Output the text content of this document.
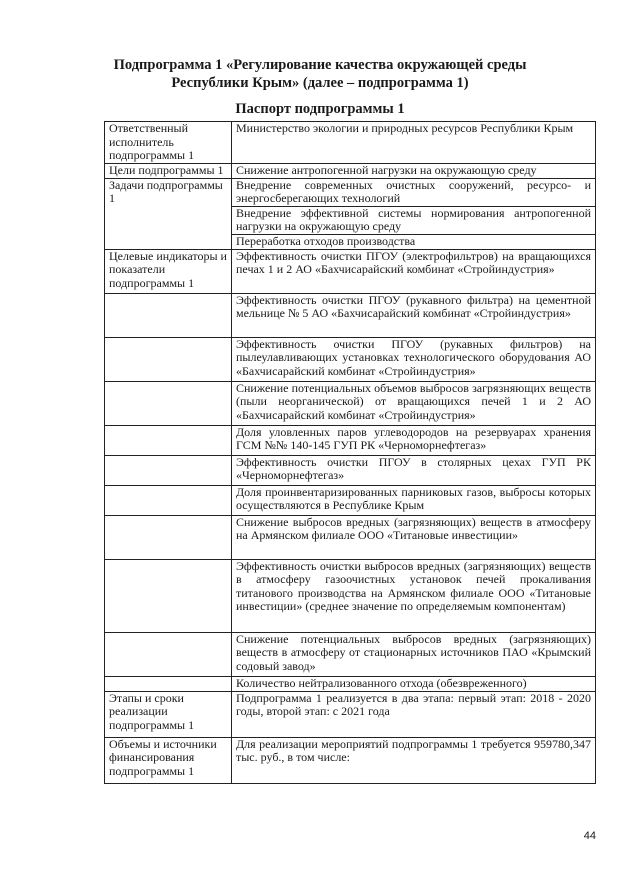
Подпрограмма 1 «Регулирование качества окружающей среды Республики Крым» (далее – подпрограмма 1)
Паспорт подпрограммы 1
Ответственный исполнитель подпрограммы 1	Министерство экологии и природных ресурсов Республики Крым
Цели подпрограммы 1	Снижение антропогенной нагрузки на окружающую среду
Задачи подпрограммы 1	Внедрение современных очистных сооружений, ресурсо- и энергосберегающих технологий
	Внедрение эффективной системы нормирования антропогенной нагрузки на окружающую среду
	Переработка отходов производства
Целевые индикаторы и показатели подпрограммы 1	Эффективность очистки ПГОУ (электрофильтров) на вращающихся печах 1 и 2 АО «Бахчисарайский комбинат «Стройиндустрия»
	Эффективность очистки ПГОУ (рукавного фильтра) на цементной мельнице № 5 АО «Бахчисарайский комбинат «Стройиндустрия»
	Эффективность очистки ПГОУ (рукавных фильтров) на пылеулавливающих установках технологического оборудования АО «Бахчисарайский комбинат «Стройиндустрия»
	Снижение потенциальных объемов выбросов загрязняющих веществ (пыли неорганической) от вращающихся печей 1 и 2 АО «Бахчисарайский комбинат «Стройиндустрия»
	Доля уловленных паров углеводородов на резервуарах хранения ГСМ №№ 140-145 ГУП РК «Черноморнефтегаз»
	Эффективность очистки ПГОУ в столярных цехах ГУП РК «Черноморнефтегаз»
	Доля проинвентаризированных парниковых газов, выбросы которых осуществляются в Республике Крым
	Снижение выбросов вредных (загрязняющих) веществ в атмосферу на Армянском филиале ООО «Титановые инвестиции»
	Эффективность очистки выбросов вредных (загрязняющих) веществ в атмосферу газоочистных установок печей прокаливания титанового производства на Армянском филиале ООО «Титановые инвестиции» (среднее значение по определяемым компонентам)
	Снижение потенциальных выбросов вредных (загрязняющих) веществ в атмосферу от стационарных источников ПАО «Крымский содовый завод»
	Количество нейтрализованного отхода (обезвреженного)
Этапы и сроки реализации подпрограммы 1	Подпрограмма 1 реализуется в два этапа: первый этап: 2018 - 2020 годы, второй этап: с 2021 года
Объемы и источники финансирования подпрограммы 1	Для реализации мероприятий подпрограммы 1 требуется 959780,347 тыс. руб., в том числе:
44
